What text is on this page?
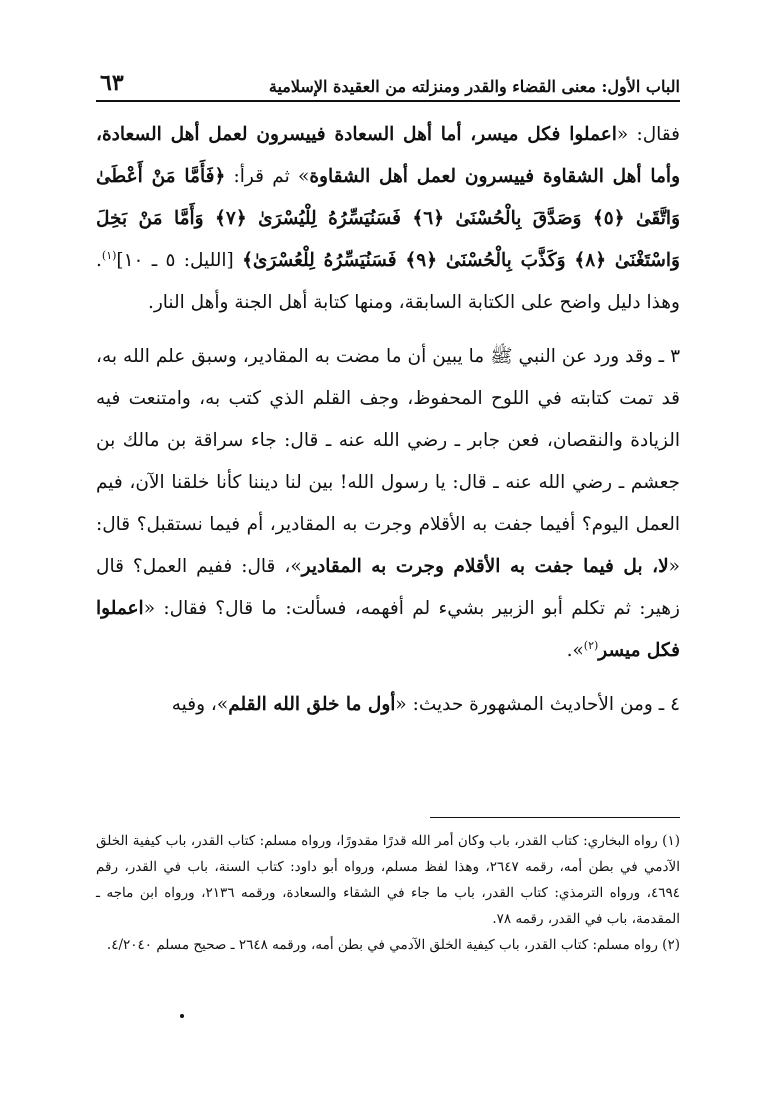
الباب الأول: معنى القضاء والقدر ومنزلته من العقيدة الإسلامية
٦٣

فقال: «اعملوا فكل ميسر، أما أهل السعادة فييسرون لعمل أهل السعادة، وأما أهل الشقاوة فييسرون لعمل أهل الشقاوة» ثم قرأ: ﴿فَأَمَّا مَنْ أَعْطَىٰ وَاتَّقَىٰ ﴿٥﴾ وَصَدَّقَ بِالْحُسْنَىٰ ﴿٦﴾ فَسَنُيَسِّرُهُ لِلْيُسْرَىٰ ﴿٧﴾ وَأَمَّا مَنْ بَخِلَ وَاسْتَغْنَىٰ ﴿٨﴾ وَكَذَّبَ بِالْحُسْنَىٰ ﴿٩﴾ فَسَنُيَسِّرُهُ لِلْعُسْرَىٰ﴾ [الليل: ٥ ـ ١٠]$^{(١)}$. وهذا دليل واضح على الكتابة السابقة، ومنها كتابة أهل الجنة وأهل النار.

٣ ـ وقد ورد عن النبي ﷺ ما يبين أن ما مضت به المقادير، وسبق علم الله به، قد تمت كتابته في اللوح المحفوظ، وجف القلم الذي كتب به، وامتنعت فيه الزيادة والنقصان، فعن جابر ـ رضي الله عنه ـ قال: جاء سراقة بن مالك بن جعشم ـ رضي الله عنه ـ قال: يا رسول الله! بين لنا ديننا كأنا خلقنا الآن، فيم العمل اليوم؟ أفيما جفت به الأقلام وجرت به المقادير، أم فيما نستقبل؟ قال: «لا، بل فيما جفت به الأقلام وجرت به المقادير»، قال: ففيم العمل؟ قال زهير: ثم تكلم أبو الزبير بشيء لم أفهمه، فسألت: ما قال؟ فقال: «اعملوا فكل ميسر$^{(٢)}$».

٤ ـ ومن الأحاديث المشهورة حديث: «أول ما خلق الله القلم»، وفيه

(١) رواه البخاري: كتاب القدر، باب وكان أمر الله قدرًا مقدورًا، ورواه مسلم: كتاب القدر، باب كيفية الخلق الآدمي في بطن أمه، رقمه ٢٦٤٧، وهذا لفظ مسلم، ورواه أبو داود: كتاب السنة، باب في القدر، رقم ٤٦٩٤، ورواه الترمذي: كتاب القدر، باب ما جاء في الشقاء والسعادة، ورقمه ٢١٣٦، ورواه ابن ماجه ـ المقدمة، باب في القدر، رقمه ٧٨.

(٢) رواه مسلم: كتاب القدر، باب كيفية الخلق الآدمي في بطن أمه، ورقمه ٢٦٤٨ ـ صحيح مسلم ٤/٢٠٤٠.
